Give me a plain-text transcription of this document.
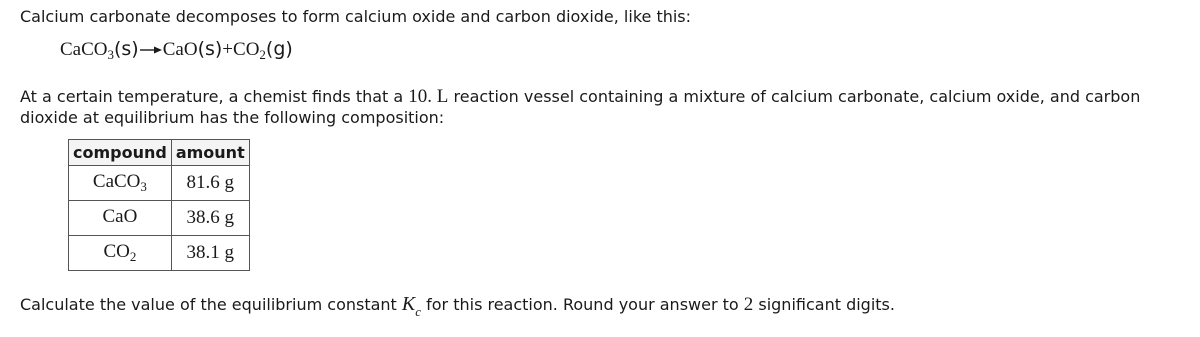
Calcium carbonate decomposes to form calcium oxide and carbon dioxide, like this:
$CaCO_3(s)\to CaO(s)+CO_2(g)$
At a certain temperature, a chemist finds that a 10. L reaction vessel containing a mixture of calcium carbonate, calcium oxide, and carbon dioxide at equilibrium has the following composition:
compound	amount
CaCO$_3$	81.6 g
CaO	38.6 g
$CO_2$	38.1 g
Calculate the value of the equilibrium constant $K_c$ for this reaction. Round your answer to 2 significant digits.
